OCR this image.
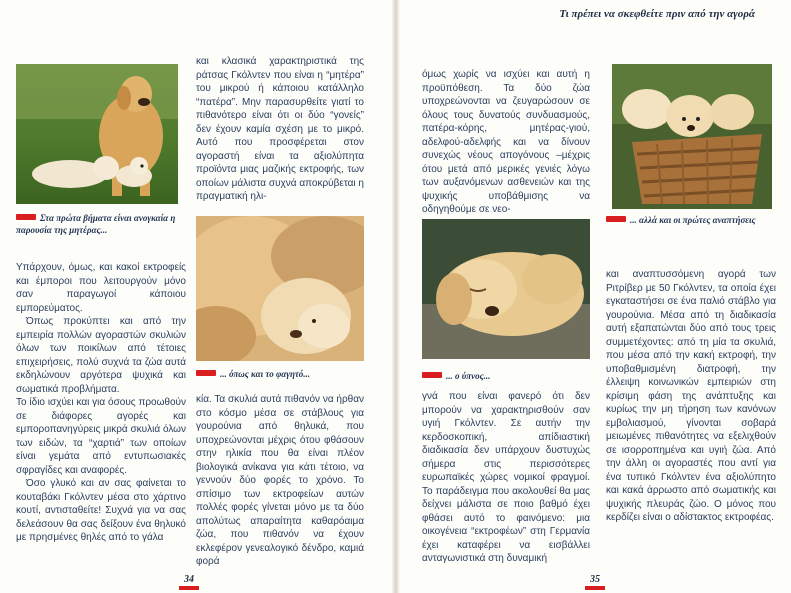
Τι πρέπει να σκεφθείτε πριν από την αγορά
Στα πρώτα βήματα είναι ανογκαία η παρουσία της μητέρας...

Υπάρχουν, όμως, και κακοί εκτροφείς και έμποροι που λειτουργούν μόνο σαν παραγωγοί κάποιου εμπορεύματος.

Όπως προκύπτει και από την εμπειρία πολλών αγοραστών σκυλιών όλων των ποικίλων από τέτοιες επιχειρήσεις, πολύ συχνά τα ζώα αυτά εκδηλώνουν αργότερα ψυχικά και σωματικά προβλήματα.

Το ίδιο ισχύει και για όσους προωθούν σε διάφορες αγορές και εμποροπανηγύρεις μικρά σκυλιά όλων των ειδών, τα “χαρτιά” των οποίων είναι γεμάτα από εντυπωσιακές σφραγίδες και αναφορές.

Όσο γλυκό και αν σας φαίνεται το κουταβάκι Γκόλντεν μέσα στο χάρτινο κουτί, αντισταθείτε! Συχνά για να σας δελεάσουν θα σας δείξουν ένα θηλυκό με πρησμένες θηλές από το γάλα

και κλασικά χαρακτηριστικά της ράτσας Γκόλντεν που είναι η “μητέρα” του μικρού ή κάποιου κατάλληλο “πατέρα”. Μην παρασυρθείτε γιατί το πιθανότερο είναι ότι οι δύο “γονείς” δεν έχουν καμία σχέση με το μικρό. Αυτό που προσφέρεται στον αγοραστή είναι τα αξιολύπητα προϊόντα μιας μαζικής εκτροφής, των οποίων μάλιστα συχνά αποκρύβεται η πραγματική ηλι-

... όπως και το φαγητό...

κία. Τα σκυλιά αυτά πιθανόν να ήρθαν στο κόσμο μέσα σε στάβλους για γουρούνια από θηλυκά, που υποχρεώνονται μέχρις ότου φθάσουν στην ηλικία που θα είναι πλέον βιολογικά ανίκανα για κάτι τέτοιο, να γεννούν δύο φορές το χρόνο. Το σπίσιμο των εκτροφείων αυτών πολλές φορές γίνεται μόνο με τα δύο απολύτως απαραίτητα καθαρόαιμα ζώα, που πιθανόν να έχουν εκλεφέρον γενεαλογικό δένδρο, καμιά φορά

34

όμως χωρίς να ισχύει και αυτή η προϋπόθεση. Τα δύο ζώα υποχρεώνονται να ζευγαρώσουν σε όλους τους δυνατούς συνδυασμούς, πατέρα-κόρης, μητέρας-γιού, αδελφού-αδελφής και να δίνουν συνεχώς νέους απογόνους –μέχρις ότου μετά από μερικές γενιές λόγω των αυξανόμενων ασθενειών και της ψυχικής υποβάθμισης να οδηγηθούμε σε νεο-

... ο ύπνος...

γνά που είναι φανερό ότι δεν μπορούν να χαρακτηρισθούν σαν υγιή Γκόλντεν. Σε αυτήν την κερδοσκοπική, απίδιαστική διαδικασία δεν υπάρχουν δυστυχώς σήμερα στις περισσότερες ευρωπαϊκές χώρες νομικοί φραγμοί. Το παράδειγμα που ακολουθεί θα μας δείχνει μάλιστα σε ποιο βαθμό έχει φθάσει αυτό το φαινόμενο: μια οικογένεια “εκτροφέων” στη Γερμανία έχει καταφέρει να εισβάλλει ανταγωνιστικά στη δυναμική

... αλλά και οι πρώτες αναπτήσεις

και αναπτυσσόμενη αγορά των Ριτρίβερ με 50 Γκόλντεν, τα οποία έχει εγκαταστήσει σε ένα παλιό στάβλο για γουρούνια. Μέσα από τη διαδικασία αυτή εξαπατώνται δύο από τους τρεις συμμετέχοντες: από τη μία τα σκυλιά, που μέσα από την κακή εκτροφή, την υποβαθμισμένη διατροφή, την έλλειψη κοινωνικών εμπειριών στη κρίσιμη φάση της ανάπτυξης και κυρίως την μη τήρηση των κανόνων εμβολιασμού, γίνονται σοβαρά μειωμένες πιθανότητες να εξελιχθούν σε ισορροπημένα και υγιή ζώα. Από την άλλη οι αγοραστές που αντί για ένα τυπικό Γκόλντεν ένα αξιολύπητο και κακά άρρωστο από σωματικής και ψυχικής πλευράς ζώο. Ο μόνος που κερδίζει είναι ο αδίστακτος εκτροφέας.

35
